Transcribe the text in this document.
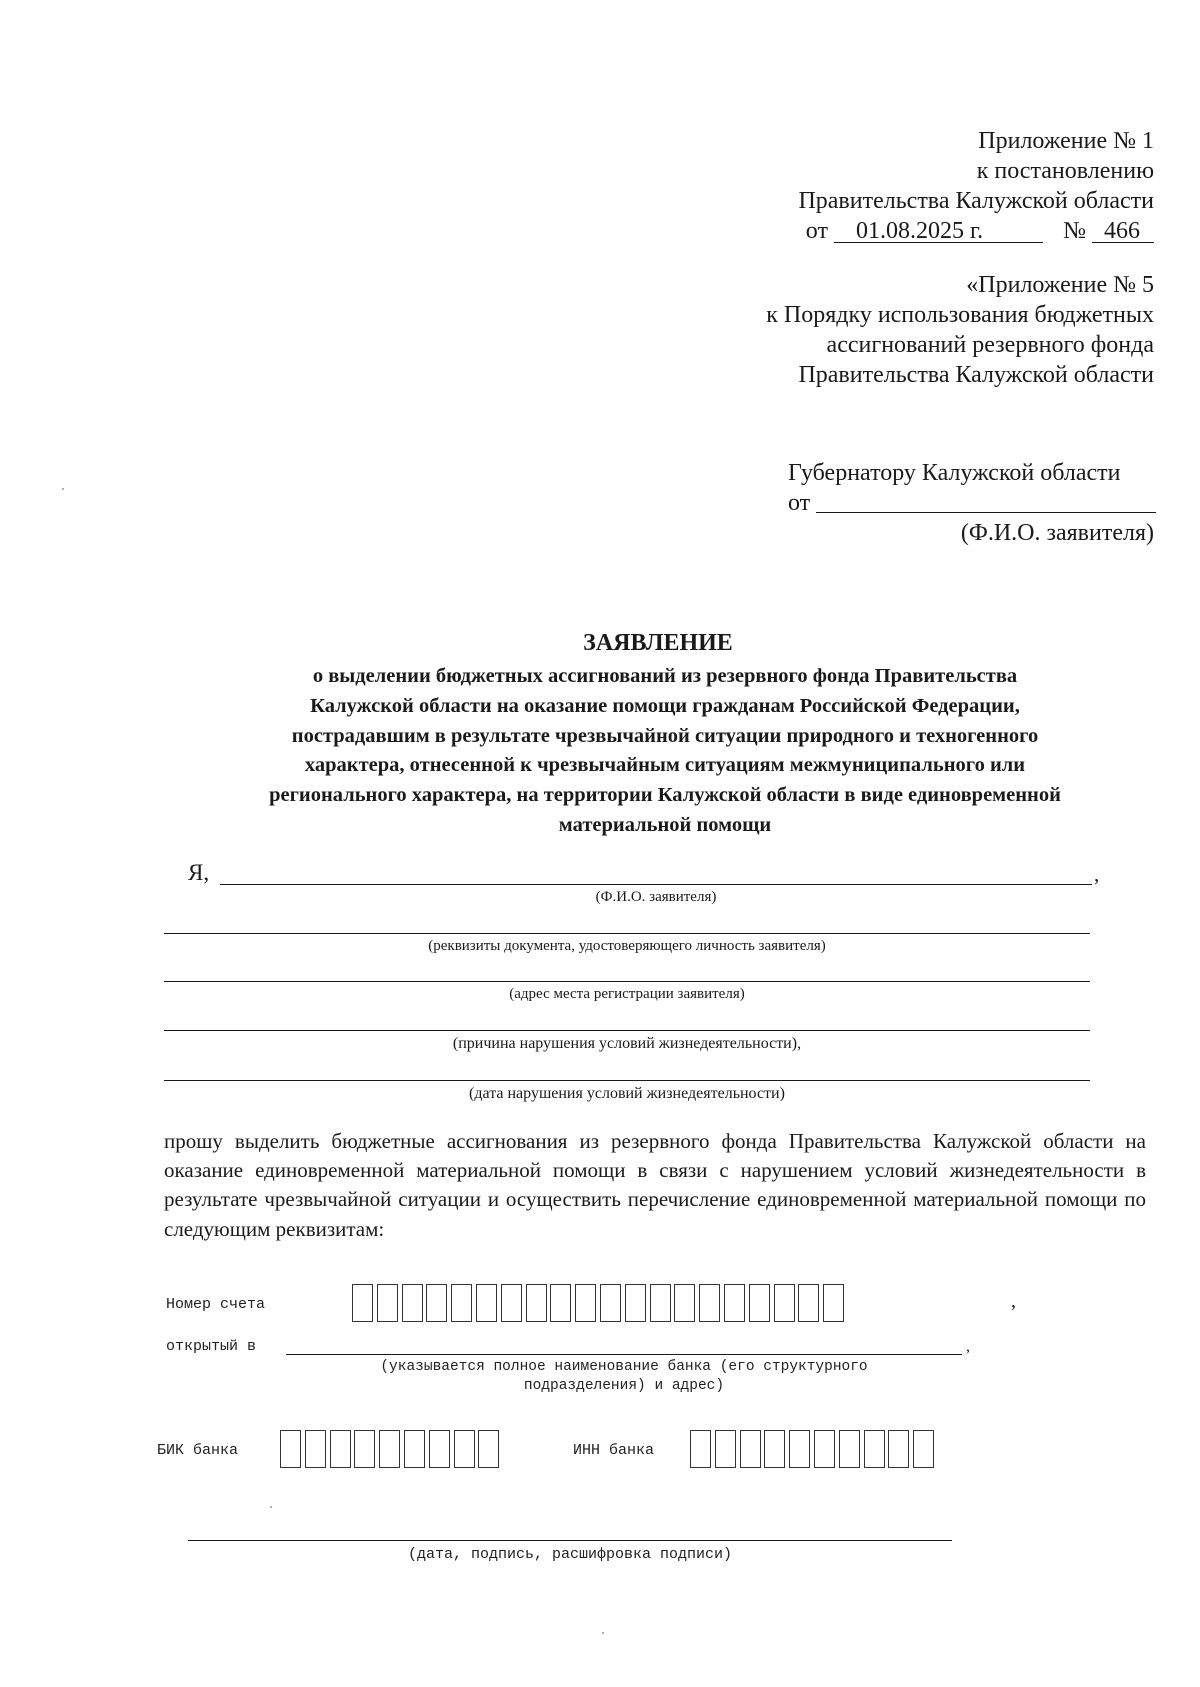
Приложение № 1
к постановлению
Правительства Калужской области
от 01.08.2025 г.	№ 466
«Приложение № 5
к Порядку использования бюджетных
ассигнований резервного фонда
Правительства Калужской области
Губернатору Калужской области
от
(Ф.И.О. заявителя)
ЗАЯВЛЕНИЕ
о выделении бюджетных ассигнований из резервного фонда Правительства
Калужской области на оказание помощи гражданам Российской Федерации,
пострадавшим в результате чрезвычайной ситуации природного и техногенного
характера, отнесенной к чрезвычайным ситуациям межмуниципального или
регионального характера, на территории Калужской области в виде единовременной
материальной помощи
Я,	,
(Ф.И.О. заявителя)
(реквизиты документа, удостоверяющего личность заявителя)
(адрес места регистрации заявителя)
(причина нарушения условий жизнедеятельности),
(дата нарушения условий жизнедеятельности)
прошу выделить бюджетные ассигнования из резервного фонда Правительства Калужской области на оказание единовременной материальной помощи в связи с нарушением условий жизнедеятельности в результате чрезвычайной ситуации и осуществить перечисление единовременной материальной помощи по следующим реквизитам:
Номер счета	,
открытый в	,
(указывается полное наименование банка (его структурного
подразделения) и адрес)
БИК банка	ИНН банка
(дата, подпись, расшифровка подписи)
